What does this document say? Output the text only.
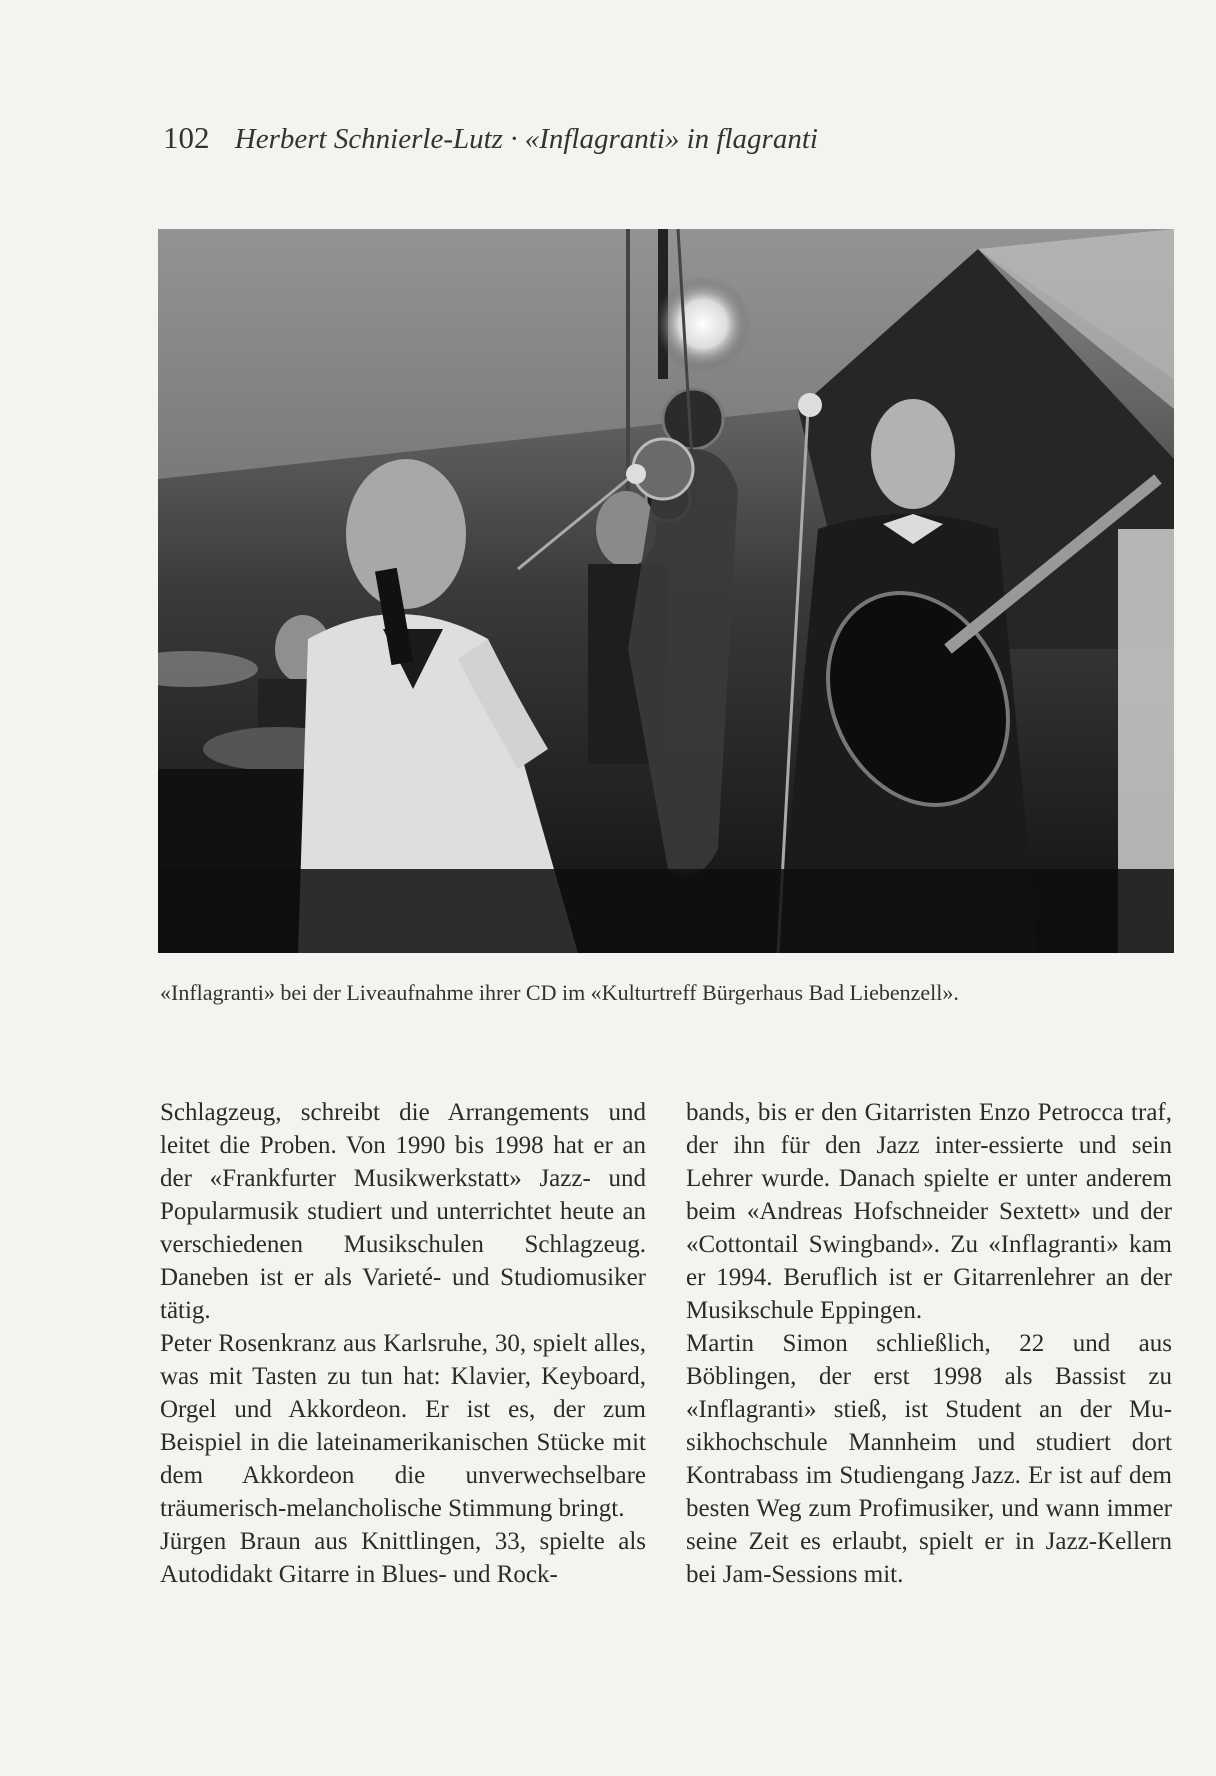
102 Herbert Schnierle-Lutz · «Inflagranti» in flagranti
«Inflagranti» bei der Liveaufnahme ihrer CD im «Kulturtreff Bürgerhaus Bad Liebenzell».

Schlagzeug, schreibt die Arrangements und leitet die Proben. Von 1990 bis 1998 hat er an der «Frankfurter Musikwerkstatt» Jazz- und Popularmusik studiert und unterrichtet heute an verschiedenen Musikschulen Schlagzeug. Daneben ist er als Varieté- und Studiomusiker tätig.

Peter Rosenkranz aus Karlsruhe, 30, spielt alles, was mit Tasten zu tun hat: Klavier, Keyboard, Orgel und Akkordeon. Er ist es, der zum Beispiel in die lateinamerikanischen Stücke mit dem Akkordeon die unverwechselbare träumerisch-melancholische Stimmung bringt.

Jürgen Braun aus Knittlingen, 33, spielte als Autodidakt Gitarre in Blues- und Rock-

bands, bis er den Gitarristen Enzo Petrocca traf, der ihn für den Jazz inter-essierte und sein Lehrer wurde. Danach spielte er unter anderem beim «Andreas Hofschneider Sextett» und der «Cottontail Swingband». Zu «Inflagranti» kam er 1994. Beruflich ist er Gitarrenlehrer an der Musikschule Eppingen.

Martin Simon schließlich, 22 und aus Böblingen, der erst 1998 als Bassist zu «Inflagranti» stieß, ist Student an der Musikhochschule Mannheim und studiert dort Kontrabass im Studiengang Jazz. Er ist auf dem besten Weg zum Profimusiker, und wann immer seine Zeit es erlaubt, spielt er in Jazz-Kellern bei Jam-Sessions mit.
